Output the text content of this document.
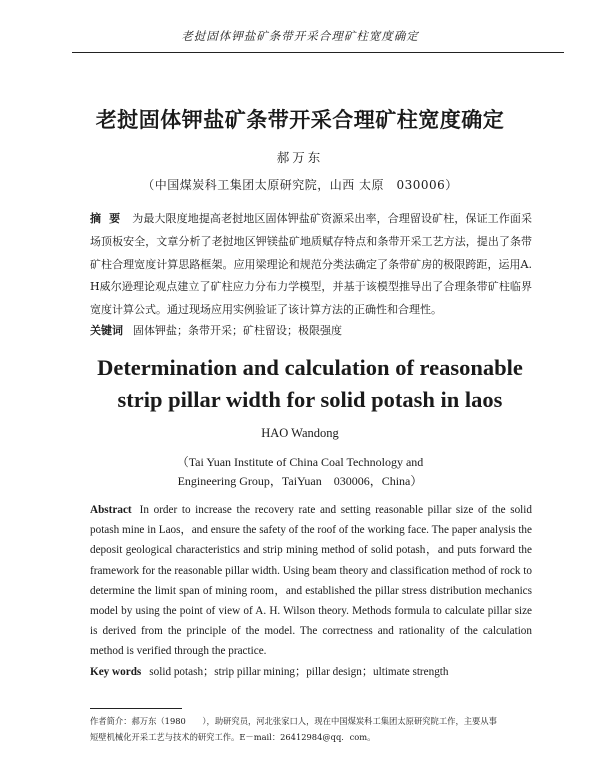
老挝固体钾盐矿条带开采合理矿柱宽度确定
老挝固体钾盐矿条带开采合理矿柱宽度确定
郝万东
（中国煤炭科工集团太原研究院，山西 太原　030006）
摘要 为最大限度地提高老挝地区固体钾盐矿资源采出率，合理留设矿柱，保证工作面采场顶板安全，文章分析了老挝地区钾镁盐矿地质赋存特点和条带开采工艺方法，提出了条带矿柱合理宽度计算思路框架。应用梁理论和规范分类法确定了条带矿房的极限跨距，运用A. H威尔逊理论观点建立了矿柱应力分布力学模型，并基于该模型推导出了合理条带矿柱临界宽度计算公式。通过现场应用实例验证了该计算方法的正确性和合理性。
关键词 固体钾盐；条带开采；矿柱留设；极限强度
Determination and calculation of reasonable
strip pillar width for solid potash in laos
HAO Wandong
（Tai Yuan Institute of China Coal Technology and
Engineering Group，TaiYuan　030006，China）
Abstract In order to increase the recovery rate and setting reasonable pillar size of the solid potash mine in Laos，and ensure the safety of the roof of the working face. The paper analysis the deposit geological characteristics and strip mining method of solid potash，and puts forward the framework for the reasonable pillar width. Using beam theory and classification method of rock to determine the limit span of mining room，and established the pillar stress distribution mechanics model by using the point of view of A. H. Wilson theory. Methods formula to calculate pillar size is derived from the principle of the model. The correctness and rationality of the calculation method is verified through the practice.
Key words solid potash；strip pillar mining；pillar design；ultimate strength
作者简介：郝万东（1980　　），助研究员，河北张家口人，现在中国煤炭科工集团太原研究院工作，主要从事
短壁机械化开采工艺与技术的研究工作。E－mail：26412984@qq．com。
